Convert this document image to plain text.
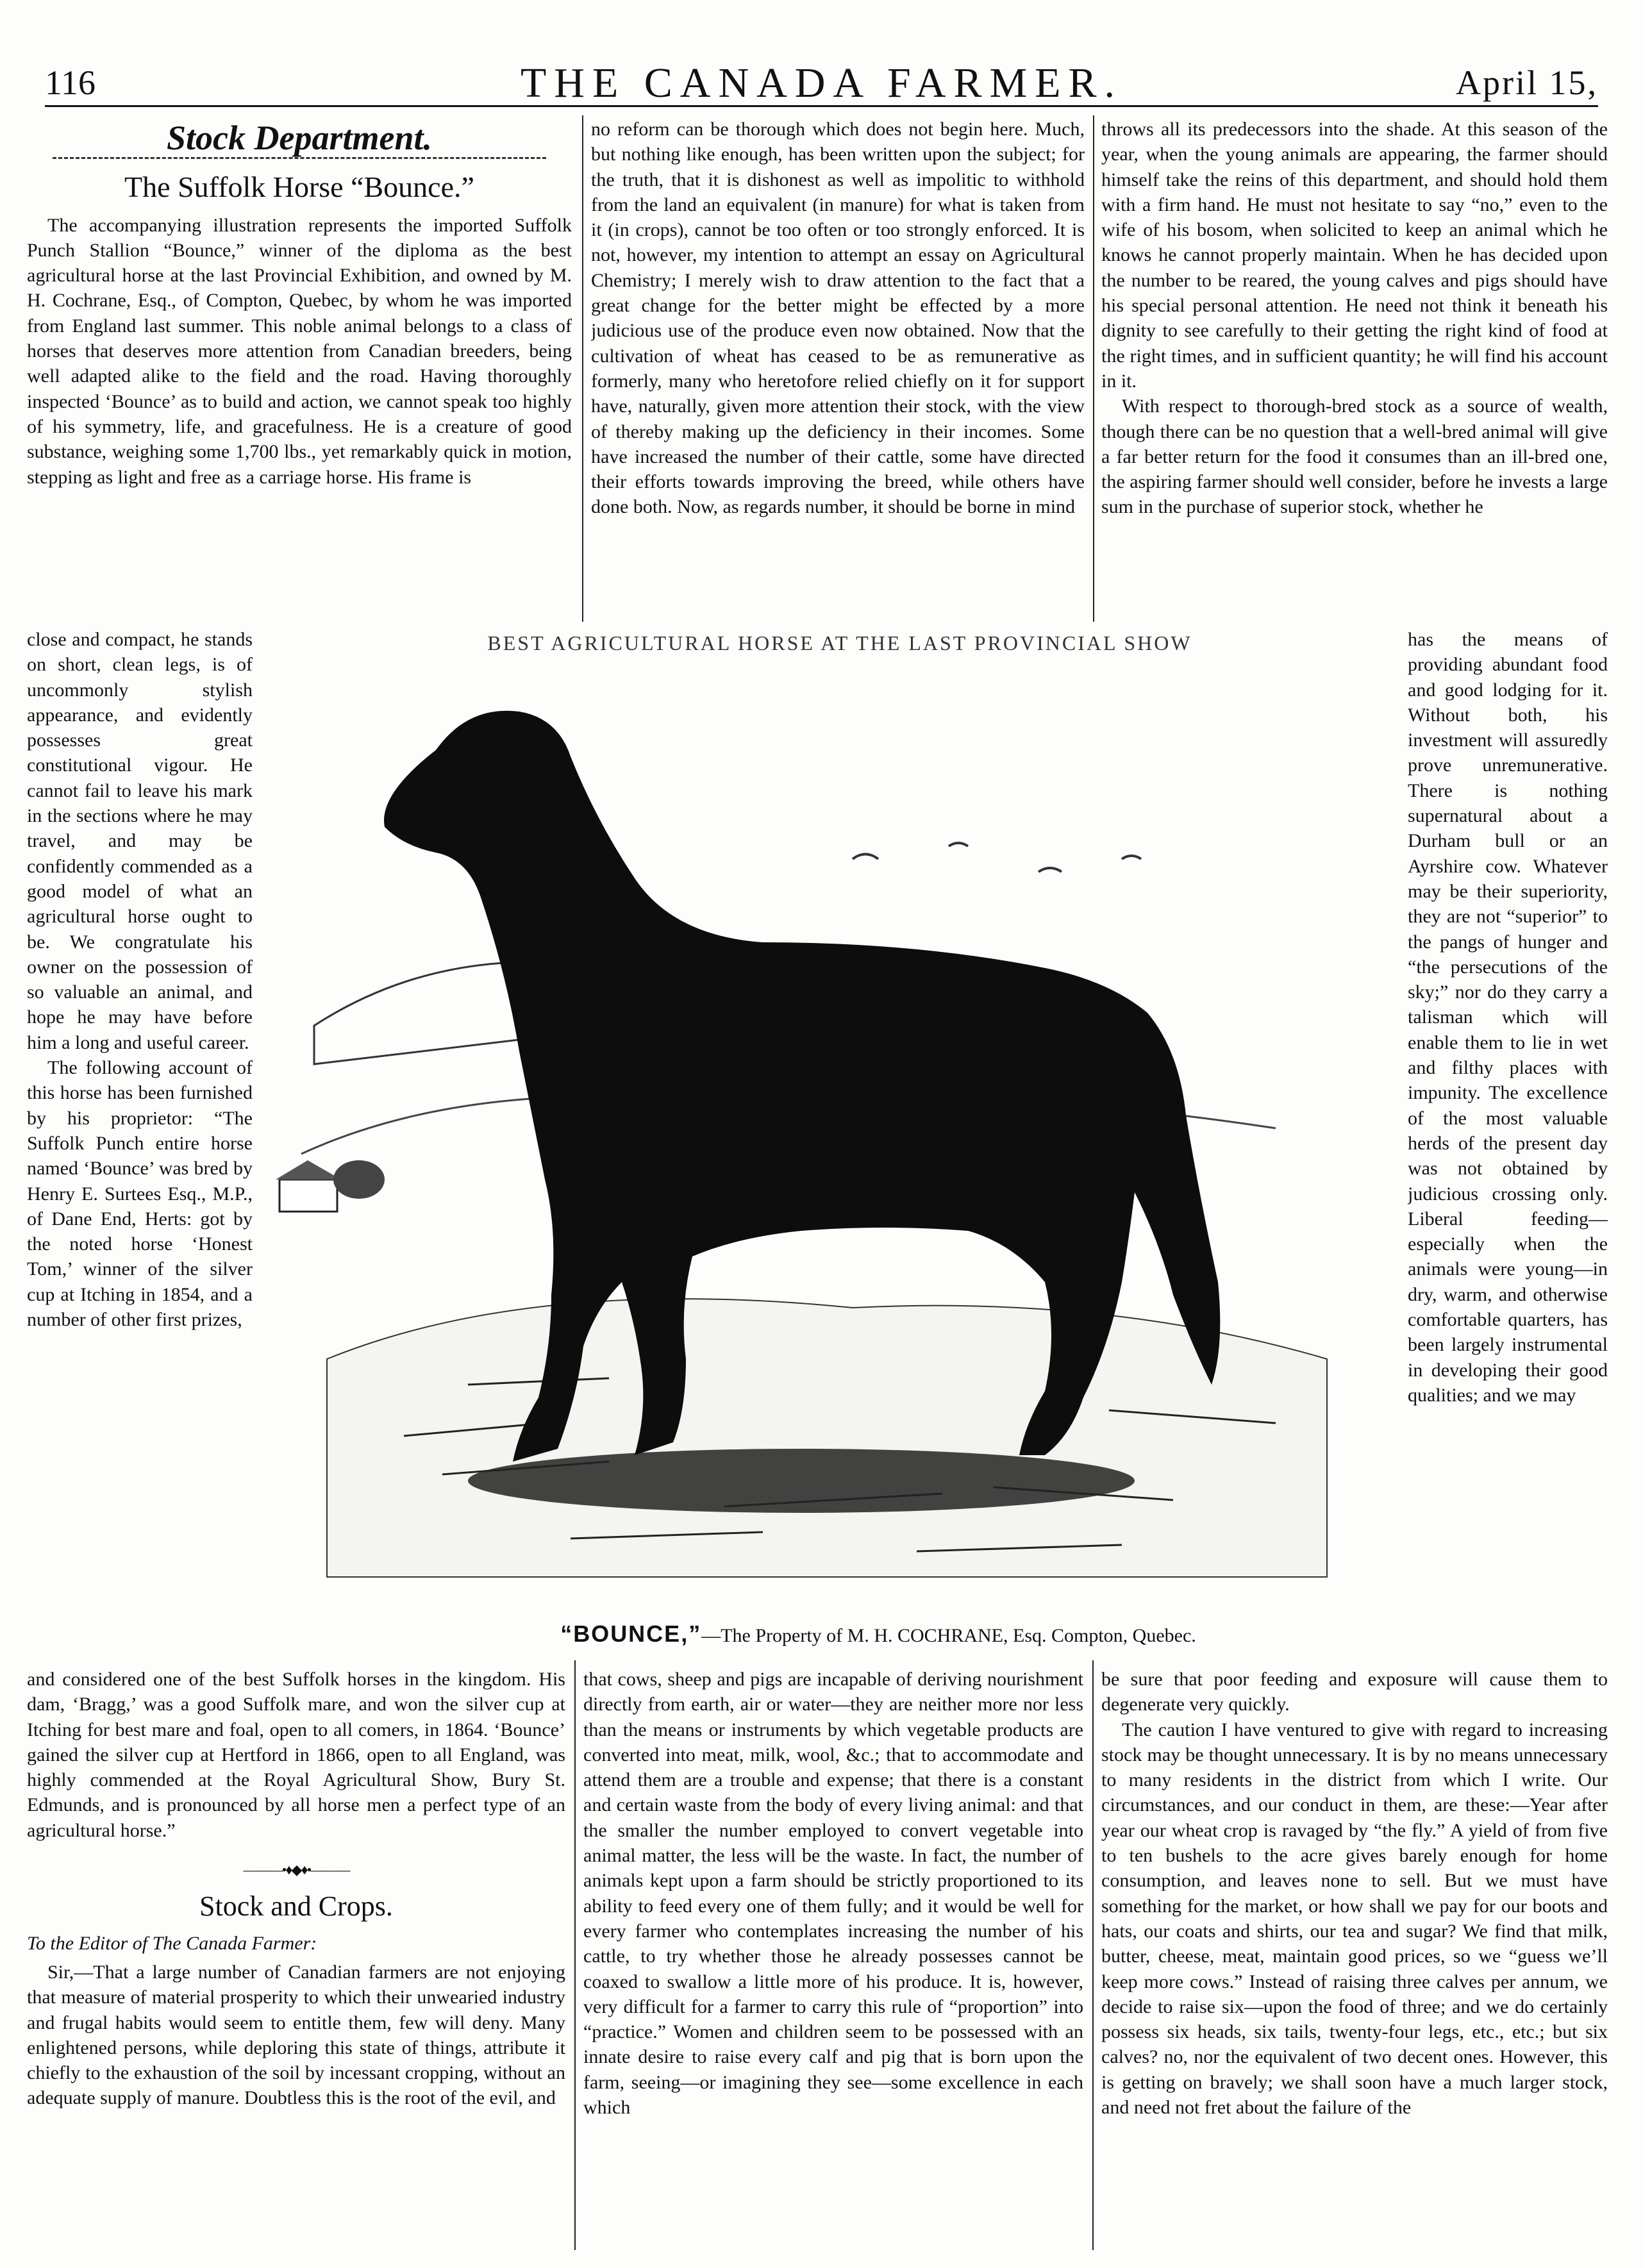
116	THE CANADA FARMER.	April 15,
Stock Department.
The Suffolk Horse “Bounce.”

The accompanying illustration represents the imported Suffolk Punch Stallion “Bounce,” winner of the diploma as the best agricultural horse at the last Provincial Exhibition, and owned by M. H. Cochrane, Esq., of Compton, Quebec, by whom he was imported from England last summer. This noble animal belongs to a class of horses that deserves more attention from Canadian breeders, being well adapted alike to the field and the road. Having thoroughly inspected ‘Bounce’ as to build and action, we cannot speak too highly of his symmetry, life, and gracefulness. He is a creature of good substance, weighing some 1,700 lbs., yet remarkably quick in motion, stepping as light and free as a carriage horse. His frame is

close and compact, he stands on short, clean legs, is of uncommonly stylish appearance, and evidently possesses great constitutional vigour. He cannot fail to leave his mark in the sections where he may travel, and may be confidently commended as a good model of what an agricultural horse ought to be. We congratulate his owner on the possession of so valuable an animal, and hope he may have before him a long and useful career.

The following account of this horse has been furnished by his proprietor: “The Suffolk Punch entire horse named ‘Bounce’ was bred by Henry E. Surtees Esq., M.P., of Dane End, Herts: got by the noted horse ‘Honest Tom,’ winner of the silver cup at Itching in 1854, and a number of other first prizes,

no reform can be thorough which does not begin here. Much, but nothing like enough, has been written upon the subject; for the truth, that it is dishonest as well as impolitic to withhold from the land an equivalent (in manure) for what is taken from it (in crops), cannot be too often or too strongly enforced. It is not, however, my intention to attempt an essay on Agricultural Chemistry; I merely wish to draw attention to the fact that a great change for the better might be effected by a more judicious use of the produce even now obtained. Now that the cultivation of wheat has ceased to be as remunerative as formerly, many who heretofore relied chiefly on it for support have, naturally, given more attention their stock, with the view of thereby making up the deficiency in their incomes. Some have increased the number of their cattle, some have directed their efforts towards improving the breed, while others have done both. Now, as regards number, it should be borne in mind

throws all its predecessors into the shade. At this season of the year, when the young animals are appearing, the farmer should himself take the reins of this department, and should hold them with a firm hand. He must not hesitate to say “no,” even to the wife of his bosom, when solicited to keep an animal which he knows he cannot properly maintain. When he has decided upon the number to be reared, the young calves and pigs should have his special personal attention. He need not think it beneath his dignity to see carefully to their getting the right kind of food at the right times, and in sufficient quantity; he will find his account in it.

With respect to thorough-bred stock as a source of wealth, though there can be no question that a well-bred animal will give a far better return for the food it consumes than an ill-bred one, the aspiring farmer should well consider, before he invests a large sum in the purchase of superior stock, whether he

has the means of providing abundant food and good lodging for it. Without both, his investment will assuredly prove unremunerative. There is nothing supernatural about a Durham bull or an Ayrshire cow. Whatever may be their superiority, they are not “superior” to the pangs of hunger and “the persecutions of the sky;” nor do they carry a talisman which will enable them to lie in wet and filthy places with impunity. The excellence of the most valuable herds of the present day was not obtained by judicious crossing only. Liberal feeding—especially when the animals were young—in dry, warm, and otherwise comfortable quarters, has been largely instrumental in developing their good qualities; and we may

BEST AGRICULTURAL HORSE AT THE LAST PROVINCIAL SHOW
“BOUNCE,”—The Property of M. H. COCHRANE, Esq. Compton, Quebec.

and considered one of the best Suffolk horses in the kingdom. His dam, ‘Bragg,’ was a good Suffolk mare, and won the silver cup at Itching for best mare and foal, open to all comers, in 1864. ‘Bounce’ gained the silver cup at Hertford in 1866, open to all England, was highly commended at the Royal Agricultural Show, Bury St. Edmunds, and is pronounced by all horse men a perfect type of an agricultural horse.”

———•♦◆♦•———
Stock and Crops.

To the Editor of The Canada Farmer:

Sir,—That a large number of Canadian farmers are not enjoying that measure of material prosperity to which their unwearied industry and frugal habits would seem to entitle them, few will deny. Many enlightened persons, while deploring this state of things, attribute it chiefly to the exhaustion of the soil by incessant cropping, without an adequate supply of manure. Doubtless this is the root of the evil, and

that cows, sheep and pigs are incapable of deriving nourishment directly from earth, air or water—they are neither more nor less than the means or instruments by which vegetable products are converted into meat, milk, wool, &c.; that to accommodate and attend them are a trouble and expense; that there is a constant and certain waste from the body of every living animal: and that the smaller the number employed to convert vegetable into animal matter, the less will be the waste. In fact, the number of animals kept upon a farm should be strictly proportioned to its ability to feed every one of them fully; and it would be well for every farmer who contemplates increasing the number of his cattle, to try whether those he already possesses cannot be coaxed to swallow a little more of his produce. It is, however, very difficult for a farmer to carry this rule of “proportion” into “practice.” Women and children seem to be possessed with an innate desire to raise every calf and pig that is born upon the farm, seeing—or imagining they see—some excellence in each which

be sure that poor feeding and exposure will cause them to degenerate very quickly.

The caution I have ventured to give with regard to increasing stock may be thought unnecessary. It is by no means unnecessary to many residents in the district from which I write. Our circumstances, and our conduct in them, are these:—Year after year our wheat crop is ravaged by “the fly.” A yield of from five to ten bushels to the acre gives barely enough for home consumption, and leaves none to sell. But we must have something for the market, or how shall we pay for our boots and hats, our coats and shirts, our tea and sugar? We find that milk, butter, cheese, meat, maintain good prices, so we “guess we’ll keep more cows.” Instead of raising three calves per annum, we decide to raise six—upon the food of three; and we do certainly possess six heads, six tails, twenty-four legs, etc., etc.; but six calves? no, nor the equivalent of two decent ones. However, this is getting on bravely; we shall soon have a much larger stock, and need not fret about the failure of the
